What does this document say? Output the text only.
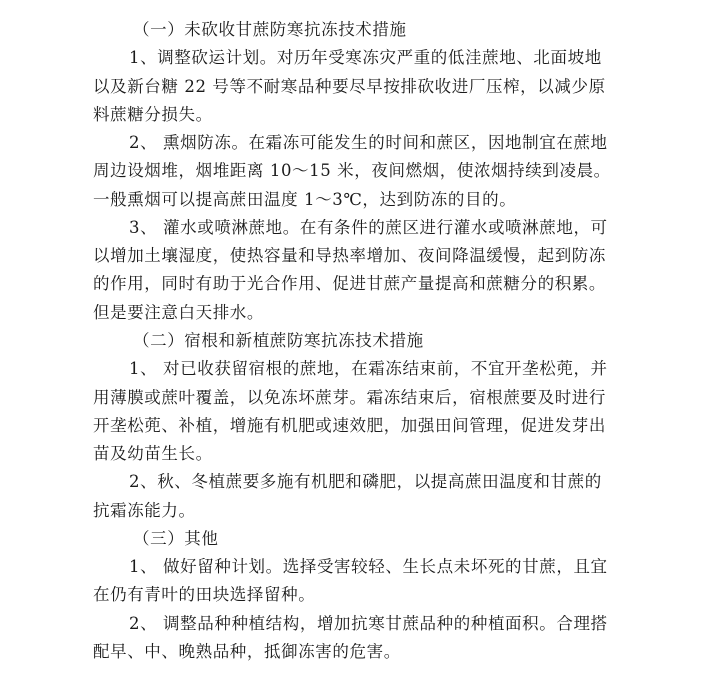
（一）未砍收甘蔗防寒抗冻技术措施
1、调整砍运计划。对历年受寒冻灾严重的低洼蔗地、北面坡地
以及新台糖 22 号等不耐寒品种要尽早按排砍收进厂压榨，以减少原
料蔗糖分损失。
2、 熏烟防冻。在霜冻可能发生的时间和蔗区，因地制宜在蔗地
周边设烟堆，烟堆距离 10～15 米，夜间燃烟，使浓烟持续到凌晨。
一般熏烟可以提高蔗田温度 1～3℃，达到防冻的目的。
3、 灌水或喷淋蔗地。在有条件的蔗区进行灌水或喷淋蔗地，可
以增加土壤湿度，使热容量和导热率增加、夜间降温缓慢，起到防冻
的作用，同时有助于光合作用、促进甘蔗产量提高和蔗糖分的积累。
但是要注意白天排水。
（二）宿根和新植蔗防寒抗冻技术措施
1、 对已收获留宿根的蔗地，在霜冻结束前，不宜开垄松蔸，并
用薄膜或蔗叶覆盖，以免冻坏蔗芽。霜冻结束后，宿根蔗要及时进行
开垄松蔸、补植，增施有机肥或速效肥，加强田间管理，促进发芽出
苗及幼苗生长。
2、秋、冬植蔗要多施有机肥和磷肥，以提高蔗田温度和甘蔗的
抗霜冻能力。
（三）其他
1、 做好留种计划。选择受害较轻、生长点未坏死的甘蔗，且宜
在仍有青叶的田块选择留种。
2、 调整品种种植结构，增加抗寒甘蔗品种的种植面积。合理搭
配早、中、晚熟品种，抵御冻害的危害。
